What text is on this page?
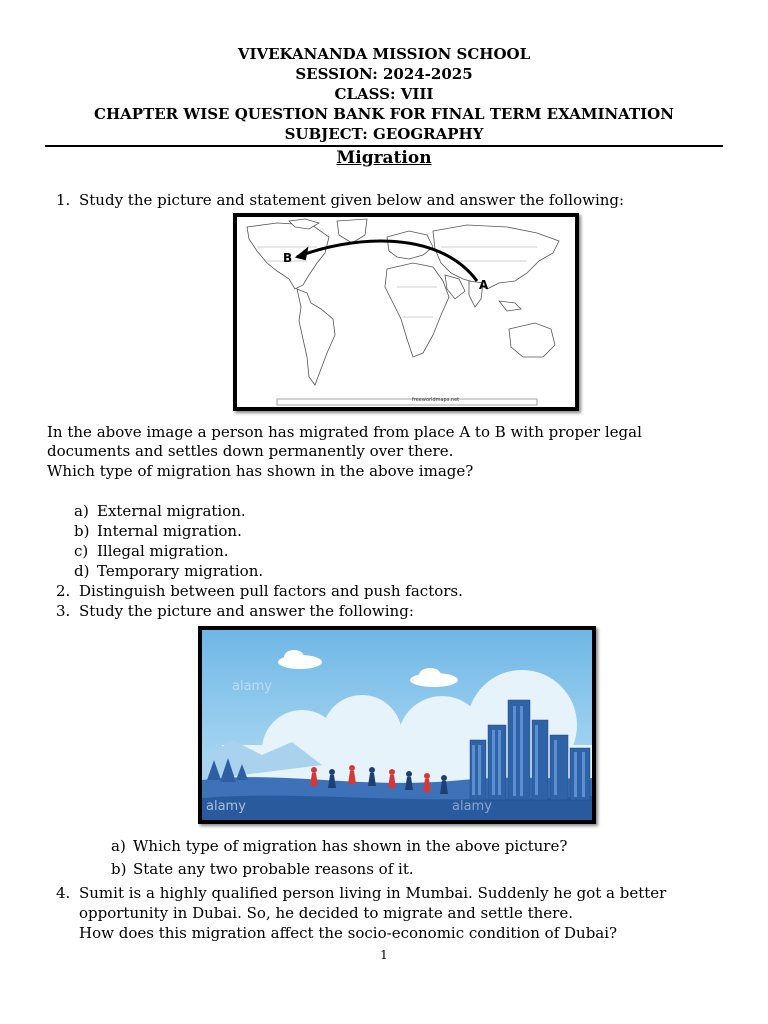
VIVEKANANDA MISSION SCHOOL
SESSION: 2024-2025
CLASS: VIII
CHAPTER WISE QUESTION BANK FOR FINAL TERM EXAMINATION
SUBJECT: GEOGRAPHY
Migration
1. Study the picture and statement given below and answer the following:
B
A
freeworldmaps.net
In the above image a person has migrated from place A to B with proper legal
documents and settles down permanently over there.
Which type of migration has shown in the above image?
a) External migration.
b) Internal migration.
c) Illegal migration.
d) Temporary migration.
2. Distinguish between pull factors and push factors.
3. Study the picture and answer the following:
alamy
alamy	alamy
a) Which type of migration has shown in the above picture?
b) State any two probable reasons of it.
4. Sumit is a highly qualified person living in Mumbai. Suddenly he got a better
opportunity in Dubai. So, he decided to migrate and settle there.
How does this migration affect the socio-economic condition of Dubai?
1
